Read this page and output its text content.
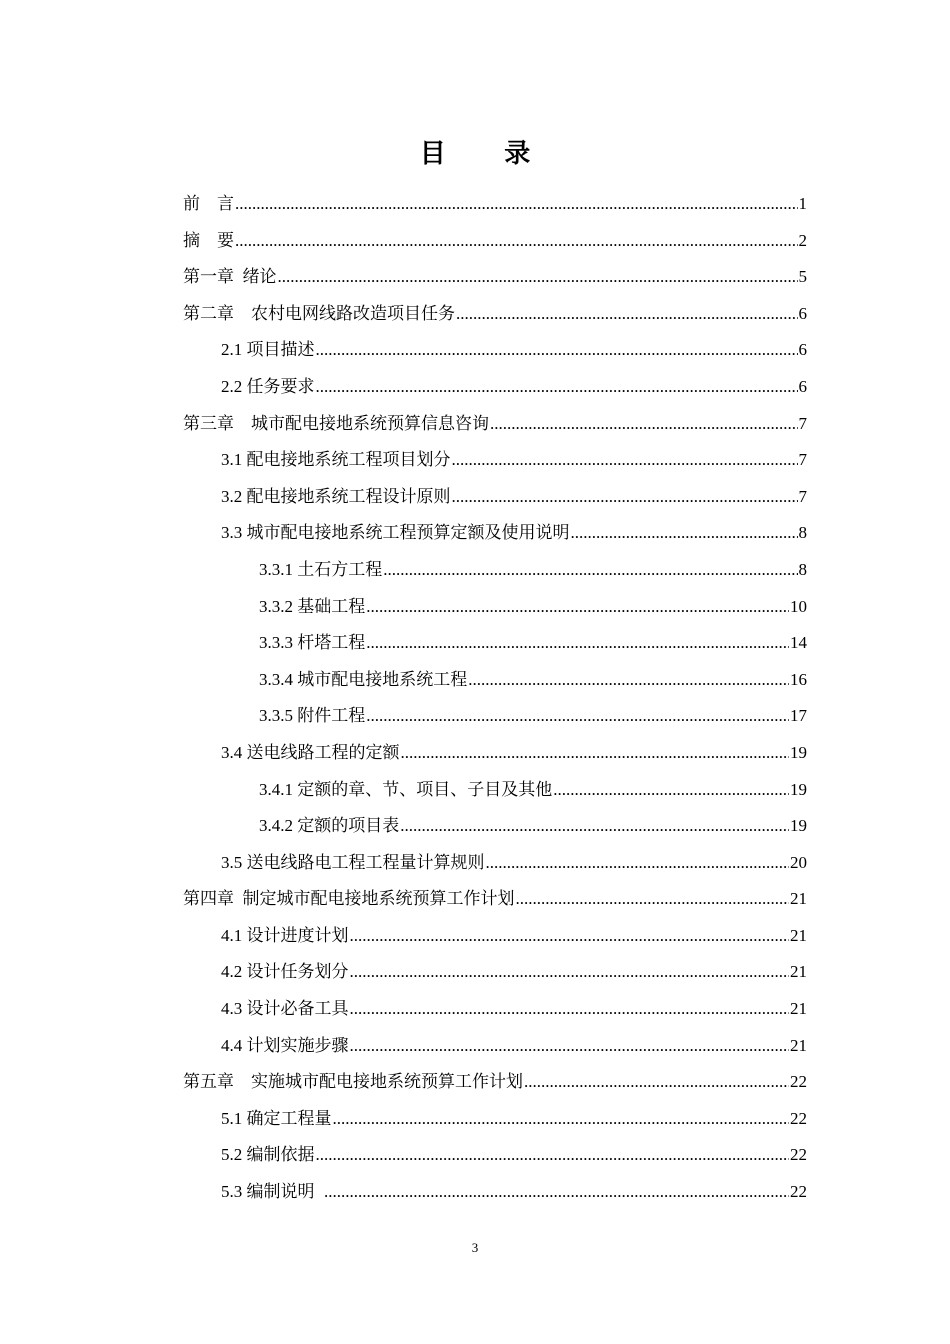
目 录
前    言 .....	1
摘    要 .....	2
第一章  绪论 .....	5
第二章    农村电网线路改造项目任务 .....	6
2.1 项目描述 .....	6
2.2 任务要求 .....	6
第三章    城市配电接地系统预算信息咨询 .....	7
3.1 配电接地系统工程项目划分 .....	7
3.2 配电接地系统工程设计原则 .....	7
3.3 城市配电接地系统工程预算定额及使用说明 .....	8
3.3.1 土石方工程 .....	8
3.3.2 基础工程 .....	10
3.3.3 杆塔工程 .....	14
3.3.4 城市配电接地系统工程 .....	16
3.3.5 附件工程 .....	17
3.4 送电线路工程的定额 .....	19
3.4.1 定额的章、节、项目、子目及其他 .....	19
3.4.2 定额的项目表 .....	19
3.5 送电线路电工程工程量计算规则 .....	20
第四章  制定城市配电接地系统预算工作计划 .....	21
4.1 设计进度计划 .....	21
4.2 设计任务划分 .....	21
4.3 设计必备工具 .....	21
4.4 计划实施步骤 .....	21
第五章    实施城市配电接地系统预算工作计划 .....	22
5.1 确定工程量 .....	22
5.2 编制依据 .....	22
5.3 编制说明 .....	22
3
